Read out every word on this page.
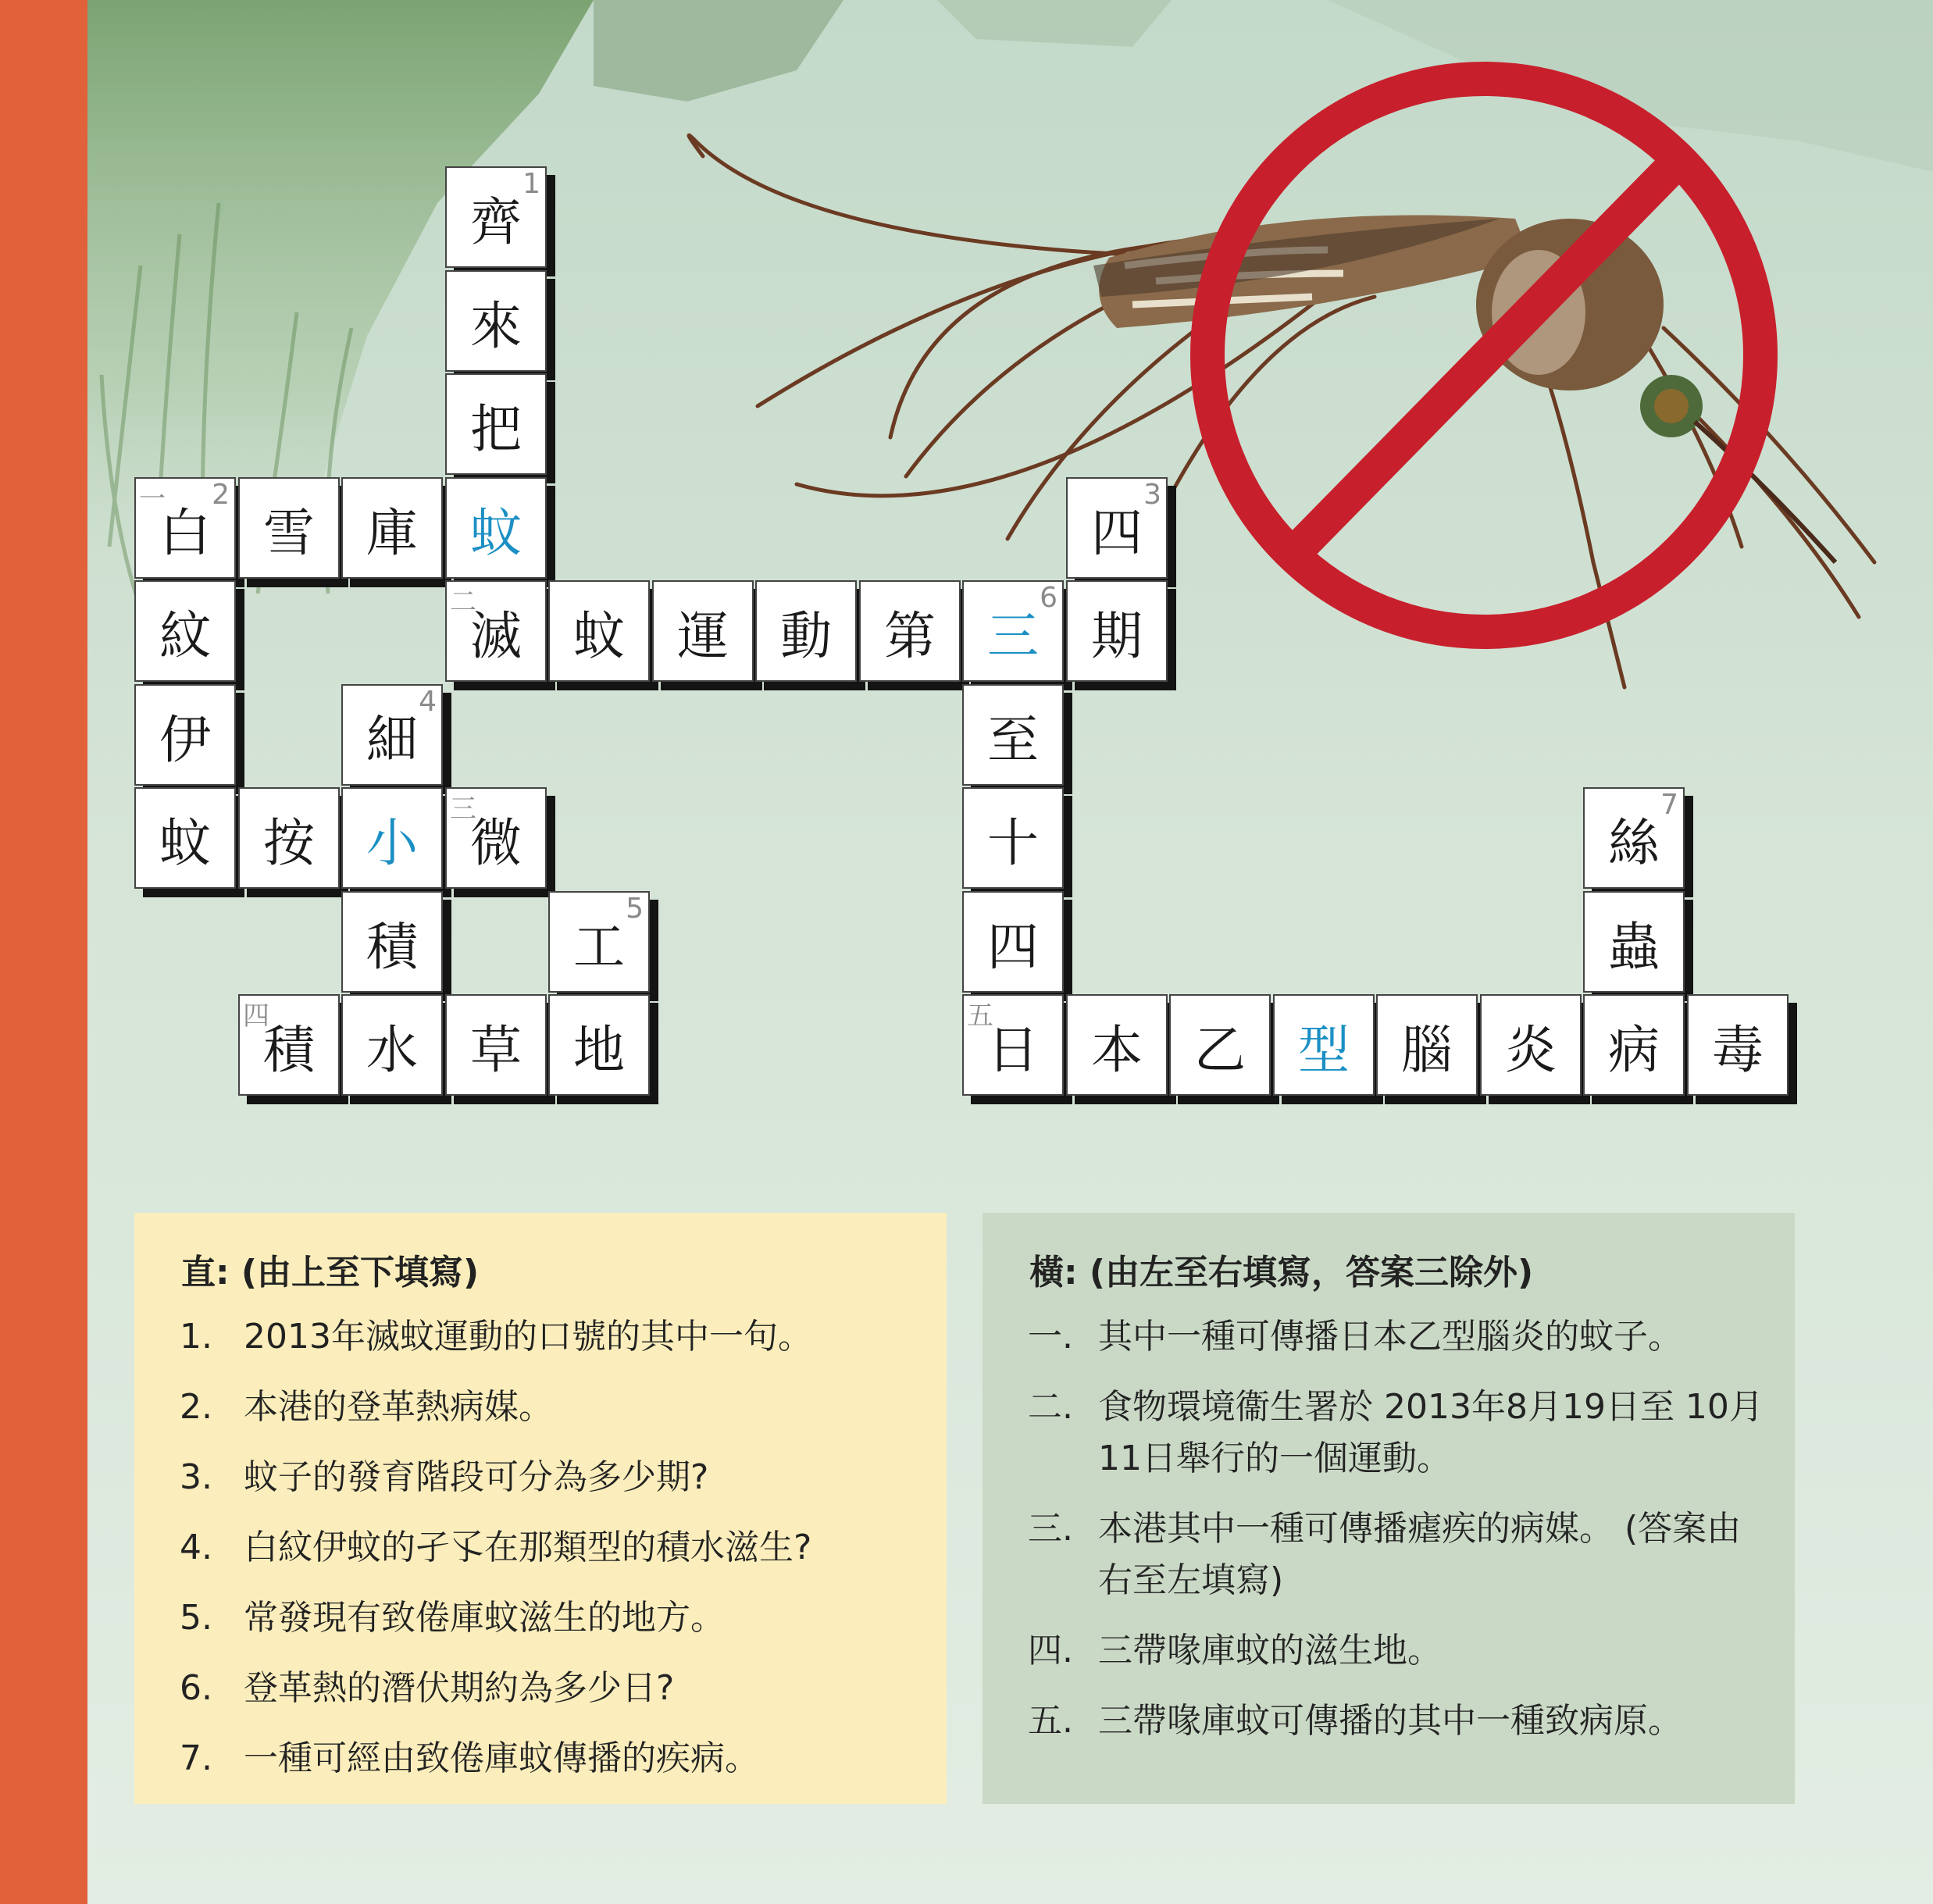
齊
1
來
把
白
2
一
雪	庫	蚊	四
3
紋	滅
二
蚊	運	動	第	三
6
期
伊	細
4
至
蚊	按	小	微
三
十	絲
7
積	工
5
四	蟲
積
四
水	草	地	日
五
本	乙	型	腦	炎	病	毒
直: (由上至下填寫)
1. 2013年滅蚊運動的口號的其中一句。
2. 本港的登革熱病媒。
3. 蚊子的發育階段可分為多少期?
4. 白紋伊蚊的孑孓在那類型的積水滋生?
5. 常發現有致倦庫蚊滋生的地方。
6. 登革熱的潛伏期約為多少日?
7. 一種可經由致倦庫蚊傳播的疾病。
橫: (由左至右填寫，答案三除外)
一. 其中一種可傳播日本乙型腦炎的蚊子。
二. 食物環境衞生署於 2013年8月19日至 10月11日舉行的一個運動。
三. 本港其中一種可傳播瘧疾的病媒。 (答案由右至左填寫)
四. 三帶喙庫蚊的滋生地。
五. 三帶喙庫蚊可傳播的其中一種致病原。
